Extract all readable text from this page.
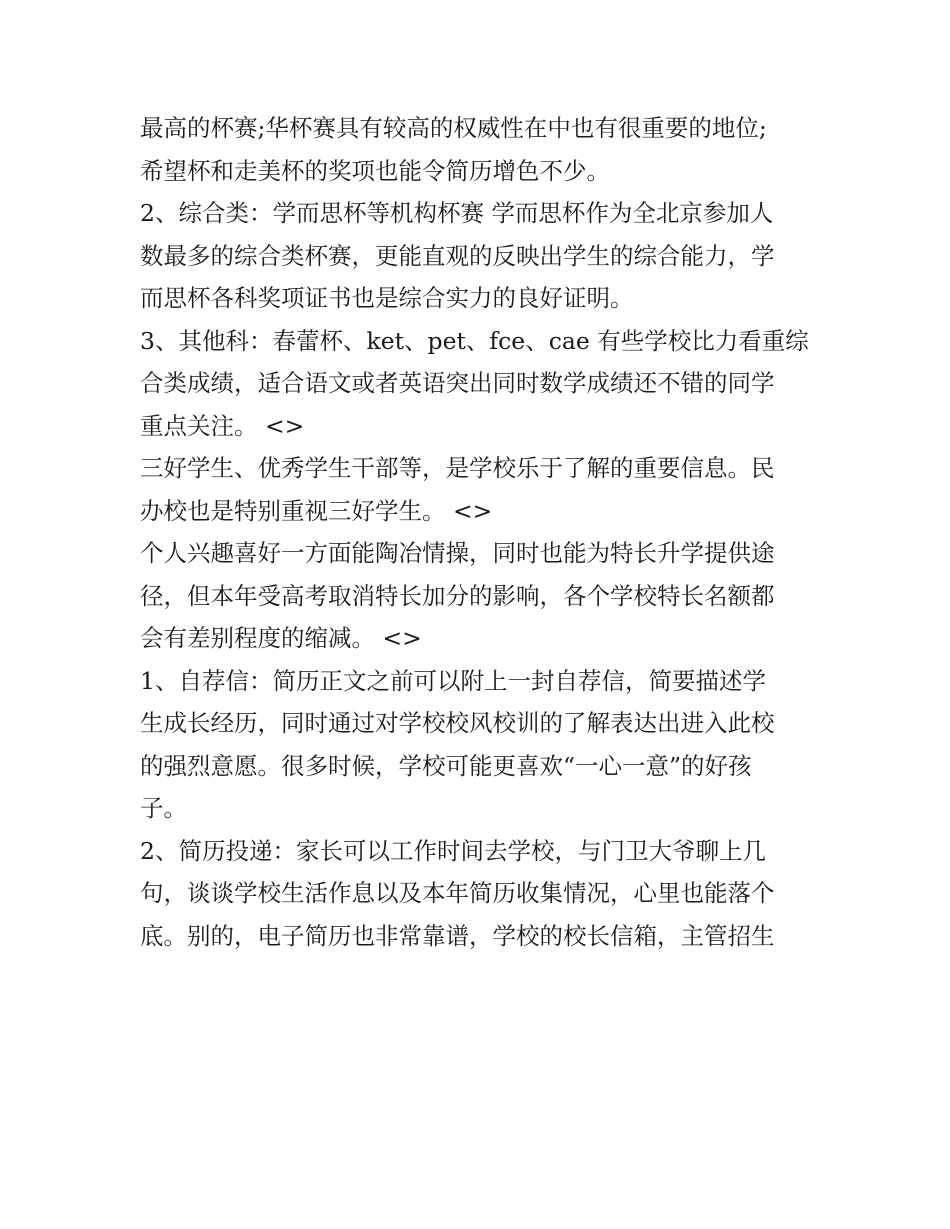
最高的杯赛;华杯赛具有较高的权威性在中也有很重要的地位;
希望杯和走美杯的奖项也能令简历增色不少。

2、综合类：学而思杯等机构杯赛 学而思杯作为全北京参加人
数最多的综合类杯赛，更能直观的反映出学生的综合能力，学
而思杯各科奖项证书也是综合实力的良好证明。

3、其他科：春蕾杯、ket、pet、fce、cae 有些学校比力看重综
合类成绩，适合语文或者英语突出同时数学成绩还不错的同学
重点关注。 <>

三好学生、优秀学生干部等，是学校乐于了解的重要信息。民
办校也是特别重视三好学生。 <>

个人兴趣喜好一方面能陶冶情操，同时也能为特长升学提供途
径，但本年受高考取消特长加分的影响，各个学校特长名额都
会有差别程度的缩减。 <>

1、自荐信：简历正文之前可以附上一封自荐信，简要描述学
生成长经历，同时通过对学校校风校训的了解表达出进入此校
的强烈意愿。很多时候，学校可能更喜欢“一心一意”的好孩
子。

2、简历投递：家长可以工作时间去学校，与门卫大爷聊上几
句，谈谈学校生活作息以及本年简历收集情况，心里也能落个
底。别的，电子简历也非常靠谱，学校的校长信箱，主管招生
